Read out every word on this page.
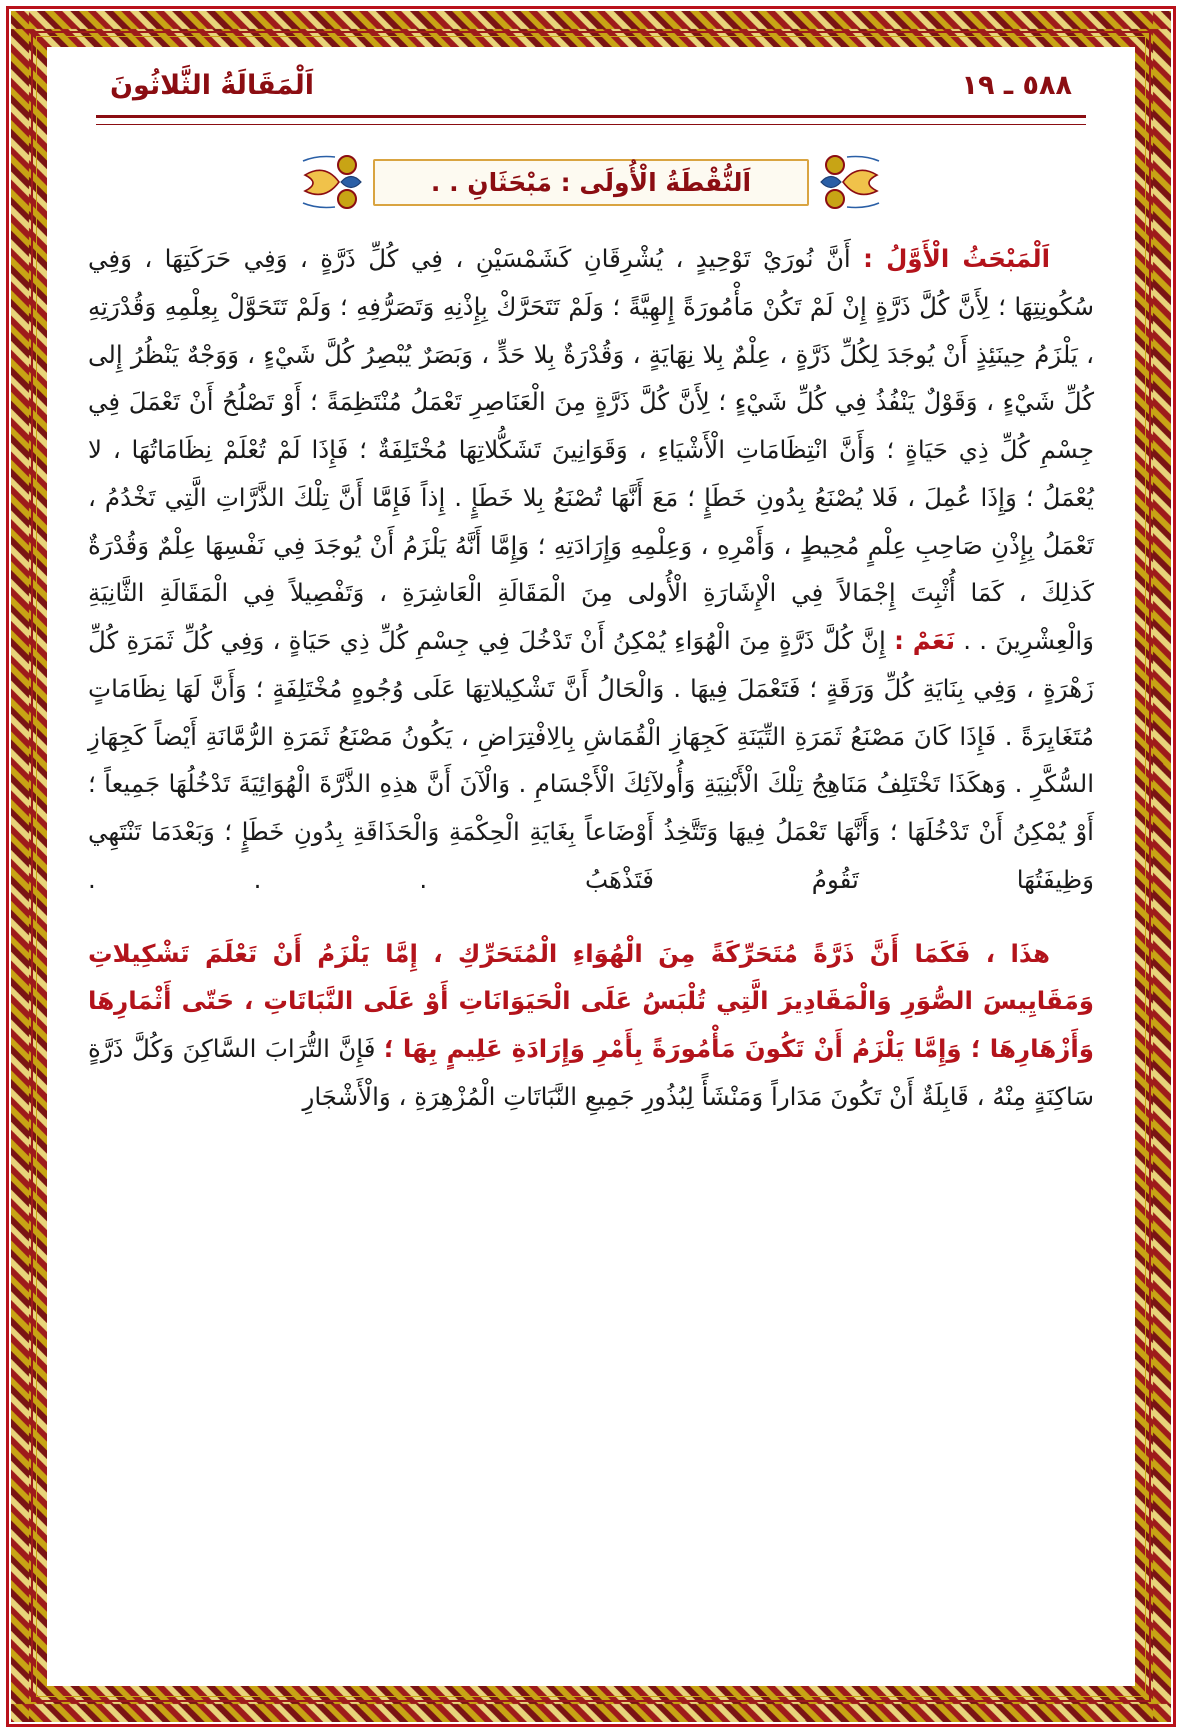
٥٨٨ ـ ١٩
اَلْمَقَالَةُ الثَّلاثُونَ
اَلنُّقْطَةُ الْأُولَى : مَبْحَثَانِ . .

اَلْمَبْحَثُ الْأَوَّلُ : أَنَّ نُورَيْ تَوْحِيدٍ ، يُشْرِقَانِ كَشَمْسَيْنِ ، فِي كُلِّ ذَرَّةٍ ، وَفِي حَرَكَتِهَا ، وَفِي سُكُونِتِهَا ؛ لِأَنَّ كُلَّ ذَرَّةٍ إِنْ لَمْ تَكُنْ مَأْمُورَةً إِلهِيَّةً ؛ وَلَمْ تَتَحَرَّكْ بِإِذْنِهِ وَتَصَرُّفِهِ ؛ وَلَمْ تَتَحَوَّلْ بِعِلْمِهِ وَقُدْرَتِهِ ، يَلْزَمُ حِينَئِذٍ أَنْ يُوجَدَ لِكُلِّ ذَرَّةٍ ، عِلْمٌ بِلا نِهَايَةٍ ، وَقُدْرَةٌ بِلا حَدٍّ ، وَبَصَرٌ يُبْصِرُ كُلَّ شَيْءٍ ، وَوَجْهٌ يَنْظُرُ إِلى كُلِّ شَيْءٍ ، وَقَوْلٌ يَنْفُذُ فِي كُلِّ شَيْءٍ ؛ لِأَنَّ كُلَّ ذَرَّةٍ مِنَ الْعَنَاصِرِ تَعْمَلُ مُنْتَظِمَةً ؛ أَوْ تَصْلُحُ أَنْ تَعْمَلَ فِي جِسْمِ كُلِّ ذِي حَيَاةٍ ؛ وَأَنَّ انْتِظَامَاتِ الْأَشْيَاءِ ، وَقَوَانِينَ تَشَكُّلاتِهَا مُخْتَلِفَةٌ ؛ فَإِذَا لَمْ تُعْلَمْ نِظَامَاتُهَا ، لا يُعْمَلُ ؛ وَإِذَا عُمِلَ ، فَلا يُصْنَعُ بِدُونِ خَطَإٍ ؛ مَعَ أَنَّهَا تُصْنَعُ بِلا خَطَإٍ . إِذاً فَإِمَّا أَنَّ تِلْكَ الذَّرَّاتِ الَّتِي تَخْدُمُ ، تَعْمَلُ بِإِذْنِ صَاحِبِ عِلْمٍ مُحِيطٍ ، وَأَمْرِهِ ، وَعِلْمِهِ وَإِرَادَتِهِ ؛ وَإِمَّا أَنَّهُ يَلْزَمُ أَنْ يُوجَدَ فِي نَفْسِهَا عِلْمٌ وَقُدْرَةٌ كَذلِكَ ، كَمَا أُثْبِتَ إِجْمَالاً فِي الْإِشَارَةِ الْأُولى مِنَ الْمَقَالَةِ الْعَاشِرَةِ ، وَتَفْصِيلاً فِي الْمَقَالَةِ الثَّانِيَةِ وَالْعِشْرِينَ . . نَعَمْ : إِنَّ كُلَّ ذَرَّةٍ مِنَ الْهُوَاءِ يُمْكِنُ أَنْ تَدْخُلَ فِي جِسْمِ كُلِّ ذِي حَيَاةٍ ، وَفِي كُلِّ ثَمَرَةِ كُلِّ زَهْرَةٍ ، وَفِي بِنَايَةِ كُلِّ وَرَقَةٍ ؛ فَتَعْمَلَ فِيهَا . وَالْحَالُ أَنَّ تَشْكِيلاتِهَا عَلَى وُجُوهٍ مُخْتَلِفَةٍ ؛ وَأَنَّ لَهَا نِظَامَاتٍ مُتَغَايِرَةً . فَإِذَا كَانَ مَصْنَعُ ثَمَرَةِ التِّيَنَةِ كَجِهَازِ الْقُمَاشِ بِالِافْتِرَاضِ ، يَكُونُ مَصْنَعُ ثَمَرَةِ الرُّمَّانَةِ أَيْضاً كَجِهَازِ السُّكَّرِ . وَهكَذَا تَخْتَلِفُ مَنَاهِجُ تِلْكَ الْأَبْنِيَةِ وَأُولآئِكَ الْأَجْسَامِ . وَالْآنَ أَنَّ هذِهِ الذَّرَّةَ الْهُوَائِيَةَ تَدْخُلُهَا جَمِيعاً ؛ أَوْ يُمْكِنُ أَنْ تَدْخُلَهَا ؛ وَأَنَّهَا تَعْمَلُ فِيهَا وَتَتَّخِذُ أَوْضَاعاً بِغَايَةِ الْحِكْمَةِ وَالْحَذَاقَةِ بِدُونِ خَطَإٍ ؛ وَبَعْدَمَا تَنْتَهِي وَظِيفَتُهَا تَقُومُ فَتَذْهَبُ . . .

هذَا ، فَكَمَا أَنَّ ذَرَّةً مُتَحَرِّكَةً مِنَ الْهُوَاءِ الْمُتَحَرِّكِ ، إِمَّا يَلْزَمُ أَنْ تَعْلَمَ تَشْكِيلاتِ وَمَقَايِيسَ الصُّوَرِ وَالْمَقَادِيرَ الَّتِي تُلْبَسُ عَلَى الْحَيَوَانَاتِ أَوْ عَلَى النَّبَاتَاتِ ، حَتّى أَثْمَارِهَا وَأَزْهَارِهَا ؛ وَإِمَّا يَلْزَمُ أَنْ تَكُونَ مَأْمُورَةً بِأَمْرِ وَإِرَادَةِ عَلِيمٍ بِهَا ؛ فَإِنَّ التُّرَابَ السَّاكِنَ وَكُلَّ ذَرَّةٍ سَاكِنَةٍ مِنْهُ ، قَابِلَةٌ أَنْ تَكُونَ مَدَاراً وَمَنْشَأً لِبُذُورِ جَمِيعِ النَّبَاتَاتِ الْمُزْهِرَةِ ، وَالْأَشْجَارِ
